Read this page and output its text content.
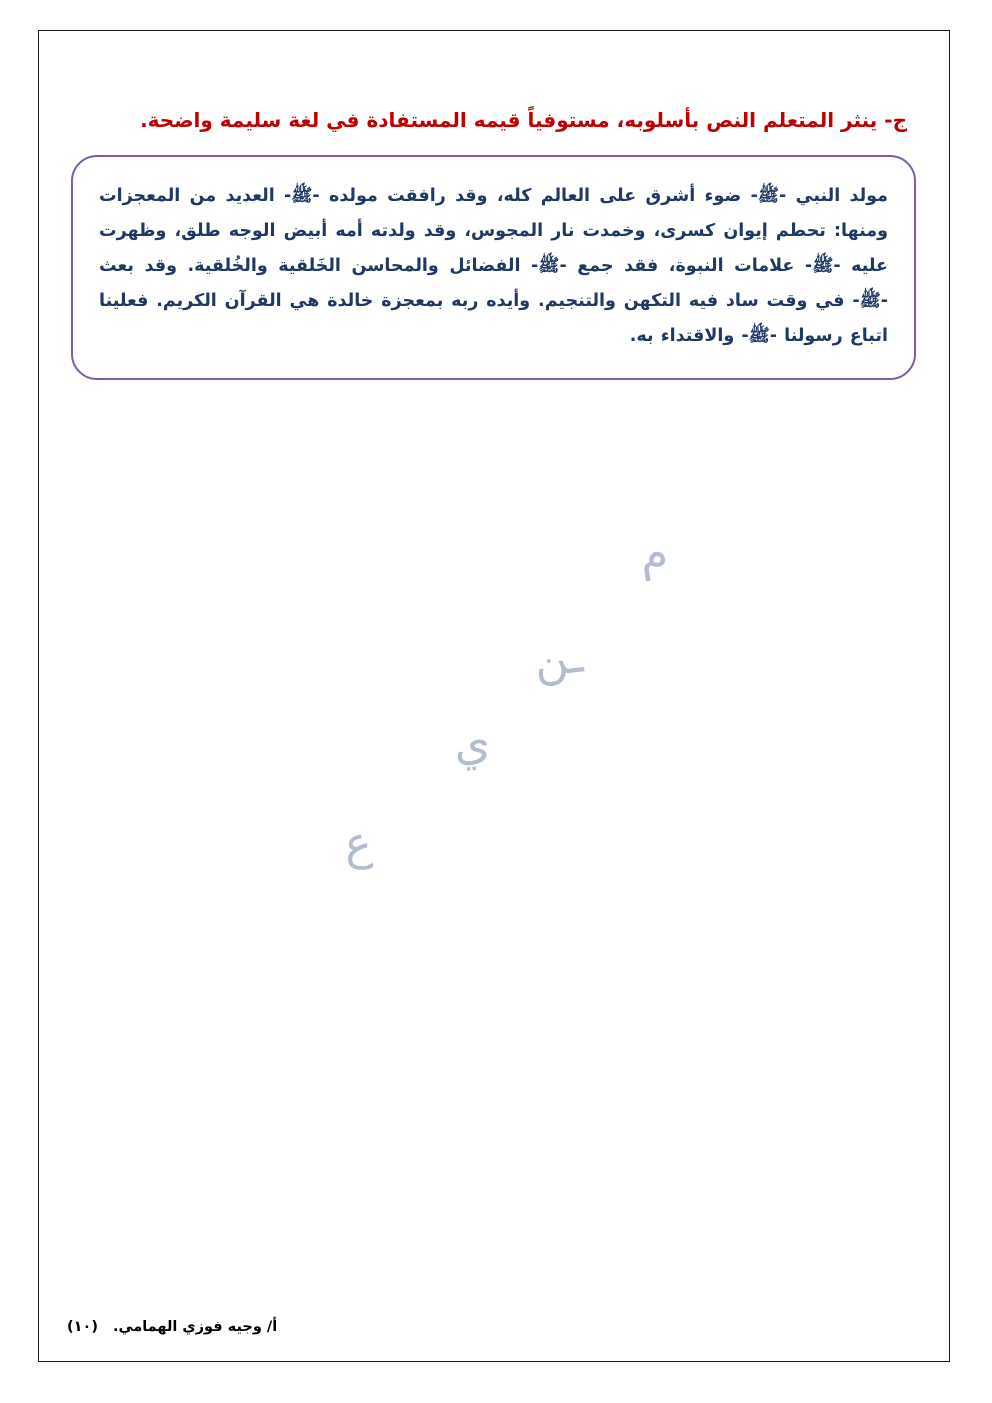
ج- ينثر المتعلم النص بأسلوبه، مستوفياً قيمه المستفادة في لغة سليمة واضحة.
مولد النبي -ﷺ- ضوء أشرق على العالم كله، وقد رافقت مولده -ﷺ- العديد من المعجزات ومنها: تحطم إيوان كسرى، وخمدت نار المجوس، وقد ولدته أمه أبيض الوجه طلق، وظهرت عليه -ﷺ- علامات النبوة، فقد جمع -ﷺ- الفضائل والمحاسن الخَلقية والخُلقية. وقد بعث -ﷺ- في وقت ساد فيه التكهن والتنجيم. وأيده ربه بمعجزة خالدة هي القرآن الكريم. فعلينا اتباع رسولنا -ﷺ- والاقتداء به.
م
ـن
ي
ع
أ/ وجيه فوزي الهمامي. (١٠)
